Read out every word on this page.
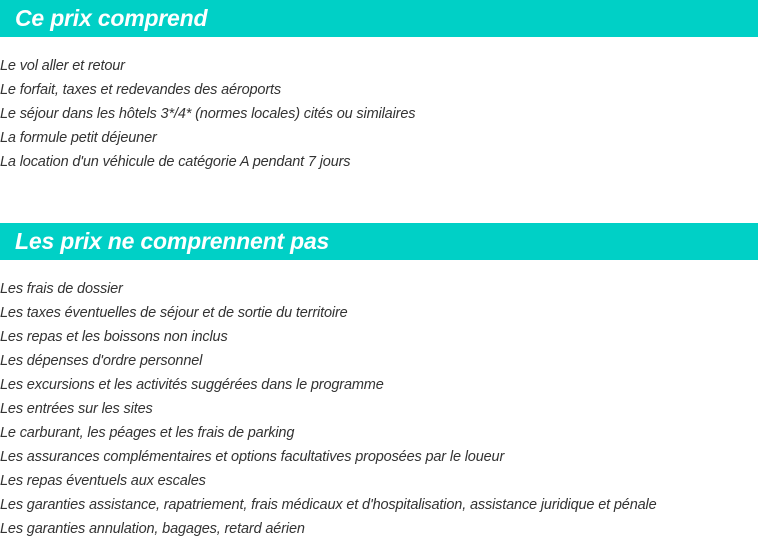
Ce prix comprend
Le vol aller et retour
Le forfait, taxes et redevandes des aéroports
Le séjour dans les hôtels 3*/4* (normes locales) cités ou similaires
La formule petit déjeuner
La location d'un véhicule de catégorie A pendant 7 jours
Les prix ne comprennent pas
Les frais de dossier
Les taxes éventuelles de séjour et de sortie du territoire
Les repas et les boissons non inclus
Les dépenses d'ordre personnel
Les excursions et les activités suggérées dans le programme
Les entrées sur les sites
Le carburant, les péages et les frais de parking
Les assurances complémentaires et options facultatives proposées par le loueur
Les repas éventuels aux escales
Les garanties assistance, rapatriement, frais médicaux et d'hospitalisation, assistance juridique et pénale
Les garanties annulation, bagages, retard aérien
